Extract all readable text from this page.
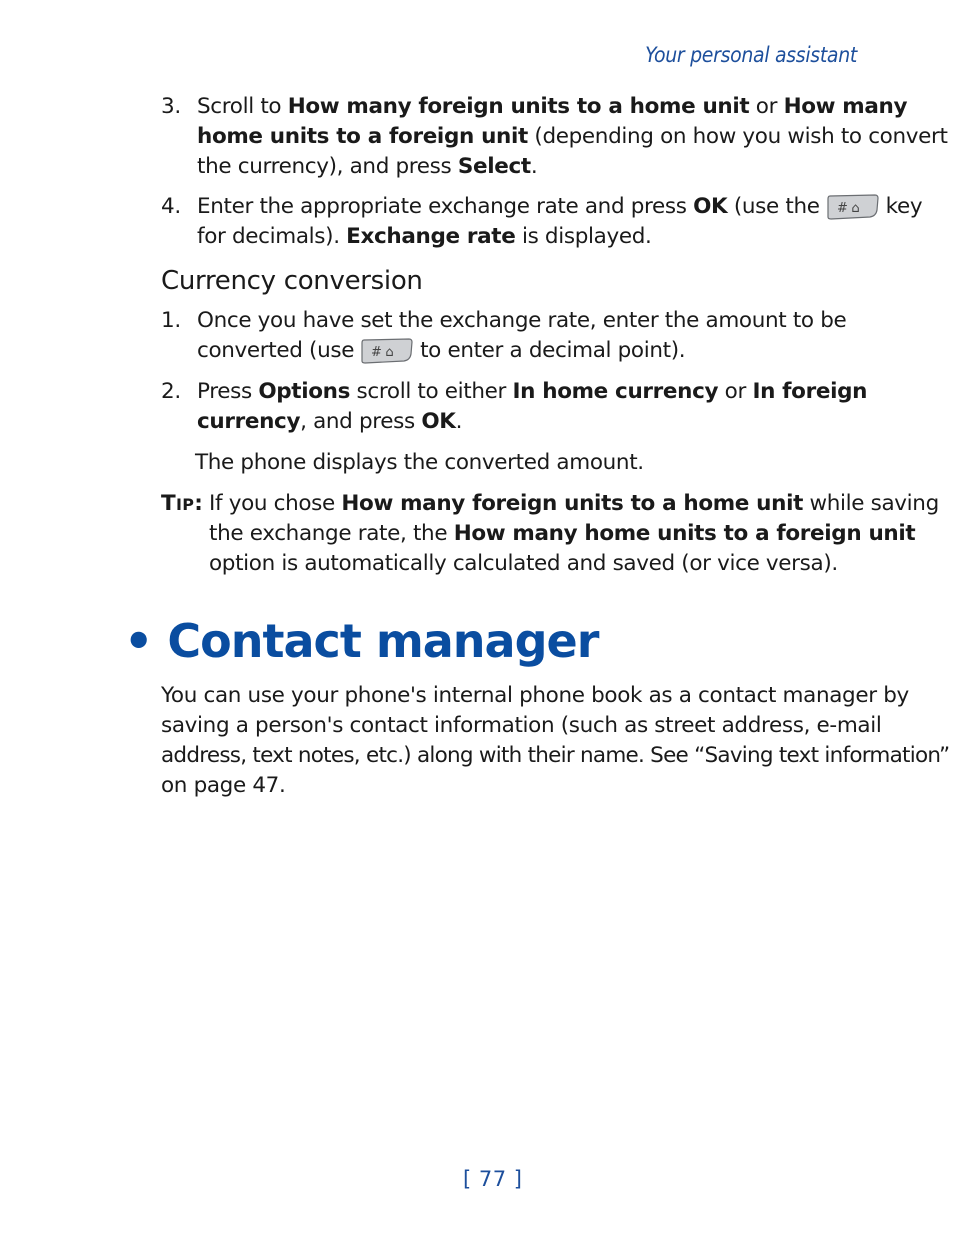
Your personal assistant
3. Scroll to How many foreign units to a home unit or How many
home units to a foreign unit (depending on how you wish to convert
the currency), and press Select.
4. Enter the appropriate exchange rate and press OK (use the # ⌂ key
for decimals). Exchange rate is displayed.
Currency conversion
1. Once you have set the exchange rate, enter the amount to be
converted (use # ⌂ to enter a decimal point).
2. Press Options scroll to either In home currency or In foreign
currency, and press OK.
The phone displays the converted amount.
TIP: If you chose How many foreign units to a home unit while saving
the exchange rate, the How many home units to a foreign unit
option is automatically calculated and saved (or vice versa).
• Contact manager
You can use your phone's internal phone book as a contact manager by
saving a person's contact information (such as street address, e-mail
address, text notes, etc.) along with their name. See “Saving text information”
on page 47.
[ 77 ]
